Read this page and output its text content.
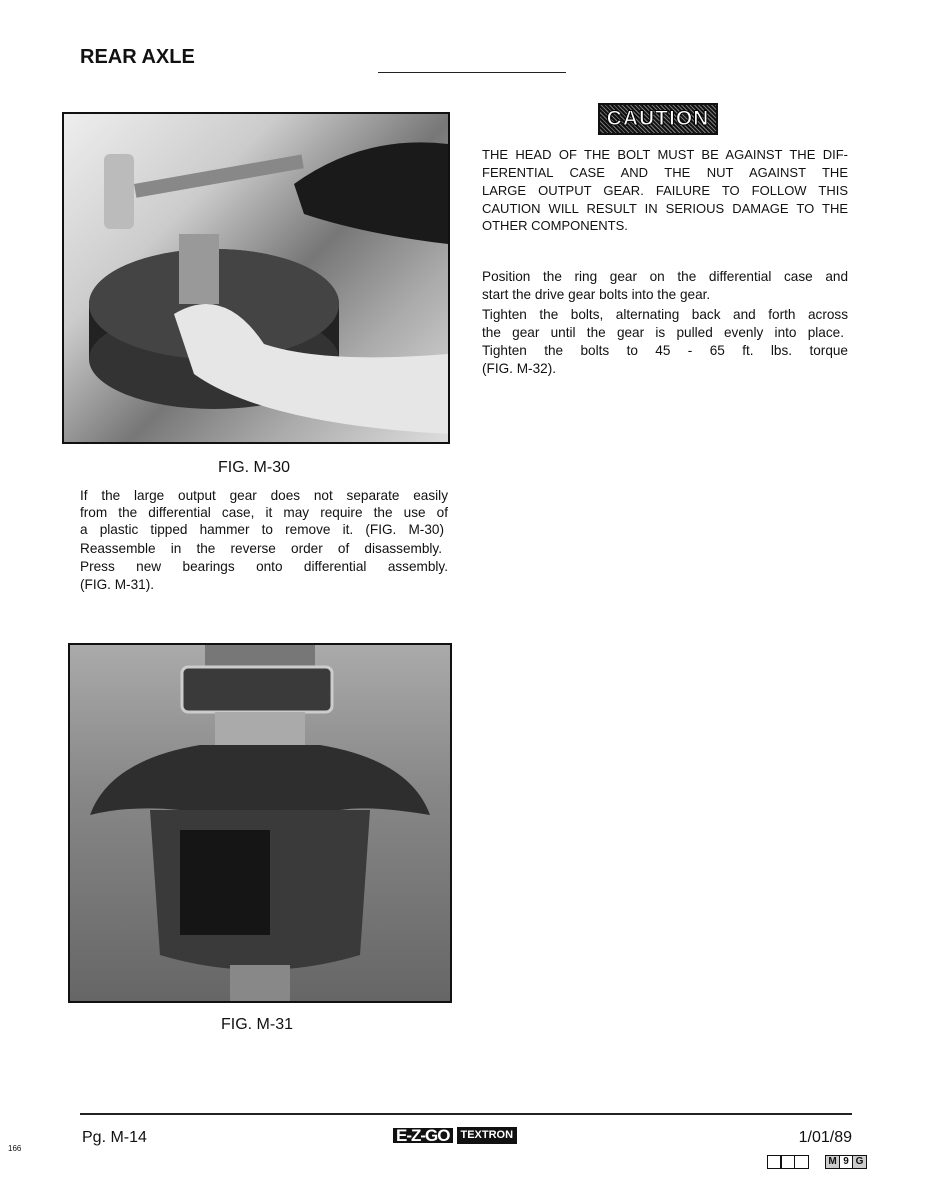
REAR AXLE
FIG. M-30
If the large output gear does not separate easily
from the differential case, it may require the use of
a plastic tipped hammer to remove it. (FIG. M-30)
Reassemble in the reverse order of disassembly.
Press new bearings onto differential assembly.
(FIG. M-31).
FIG. M-31
CAUTION
THE HEAD OF THE BOLT MUST BE AGAINST THE DIF-
FERENTIAL CASE AND THE NUT AGAINST THE
LARGE OUTPUT GEAR. FAILURE TO FOLLOW THIS
CAUTION WILL RESULT IN SERIOUS DAMAGE TO THE
OTHER COMPONENTS.
Position the ring gear on the differential case and
start the drive gear bolts into the gear.
Tighten the bolts, alternating back and forth across
the gear until the gear is pulled evenly into place.
Tighten the bolts to 45 - 65 ft. lbs. torque
(FIG. M-32).
Pg. M-14	E-Z-GO	TEXTRON	1/01/89
M 9 G
166
